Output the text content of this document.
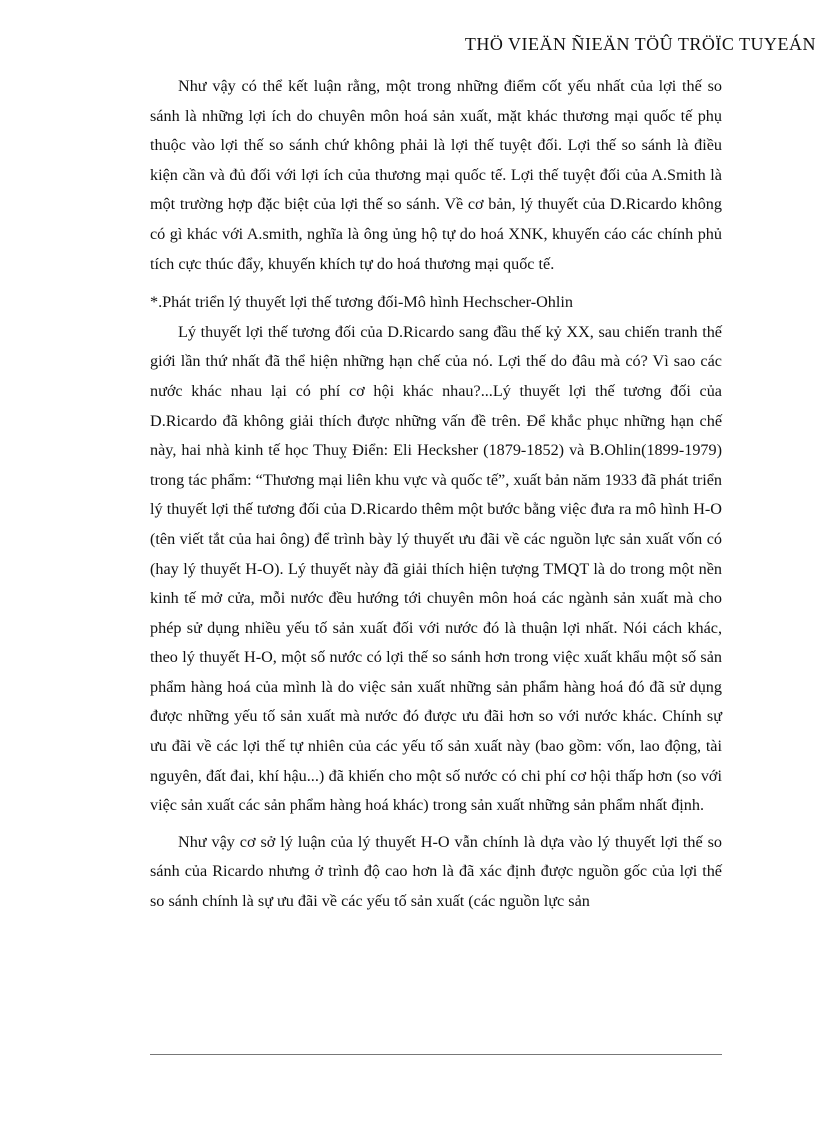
THÖ VIEÄN ÑIEÄN TÖÛ TRÖÏC TUYEÁN

Như vậy có thể kết luận rằng, một trong những điểm cốt yếu nhất của lợi thế so sánh là những lợi ích do chuyên môn hoá sản xuất, mặt khác thương mại quốc tế phụ thuộc vào lợi thế so sánh chứ không phải là lợi thế tuyệt đối. Lợi thế so sánh là điều kiện cần và đủ đối với lợi ích của thương mại quốc tế. Lợi thế tuyệt đối của A.Smith là một trường hợp đặc biệt của lợi thế so sánh. Về cơ bản, lý thuyết của D.Ricardo không có gì khác với A.smith, nghĩa là ông ủng hộ tự do hoá XNK, khuyến cáo các chính phủ tích cực thúc đẩy, khuyến khích tự do hoá thương mại quốc tế.

*.Phát triển lý thuyết lợi thế tương đối-Mô hình Hechscher-Ohlin

Lý thuyết lợi thế tương đối của D.Ricardo sang đầu thế kỷ XX, sau chiến tranh thế giới lần thứ nhất đã thể hiện những hạn chế của nó. Lợi thế do đâu mà có? Vì sao các nước khác nhau lại có phí cơ hội khác nhau?...Lý thuyết lợi thế tương đối của D.Ricardo đã không giải thích được những vấn đề trên. Để khắc phục những hạn chế này, hai nhà kinh tế học Thuỵ Điển: Eli Hecksher (1879-1852) và B.Ohlin(1899-1979) trong tác phẩm: “Thương mại liên khu vực và quốc tế”, xuất bản năm 1933 đã phát triển lý thuyết lợi thế tương đối của D.Ricardo thêm một bước bằng việc đưa ra mô hình H-O (tên viết tắt của hai ông) để trình bày lý thuyết ưu đãi về các nguồn lực sản xuất vốn có (hay lý thuyết H-O). Lý thuyết này đã giải thích hiện tượng TMQT là do trong một nền kinh tế mở cửa, mỗi nước đều hướng tới chuyên môn hoá các ngành sản xuất mà cho phép sử dụng nhiều yếu tố sản xuất đối với nước đó là thuận lợi nhất. Nói cách khác, theo lý thuyết H-O, một số nước có lợi thế so sánh hơn trong việc xuất khẩu một số sản phẩm hàng hoá của mình là do việc sản xuất những sản phẩm hàng hoá đó đã sử dụng được những yếu tố sản xuất mà nước đó được ưu đãi hơn so với nước khác. Chính sự ưu đãi về các lợi thế tự nhiên của các yếu tố sản xuất này (bao gồm: vốn, lao động, tài nguyên, đất đai, khí hậu...) đã khiến cho một số nước có chi phí cơ hội thấp hơn (so với việc sản xuất các sản phẩm hàng hoá khác) trong sản xuất những sản phẩm nhất định.

Như vậy cơ sở lý luận của lý thuyết H-O vẫn chính là dựa vào lý thuyết lợi thế so sánh của Ricardo nhưng ở trình độ cao hơn là đã xác định được nguồn gốc của lợi thế so sánh chính là sự ưu đãi về các yếu tố sản xuất (các nguồn lực sản
